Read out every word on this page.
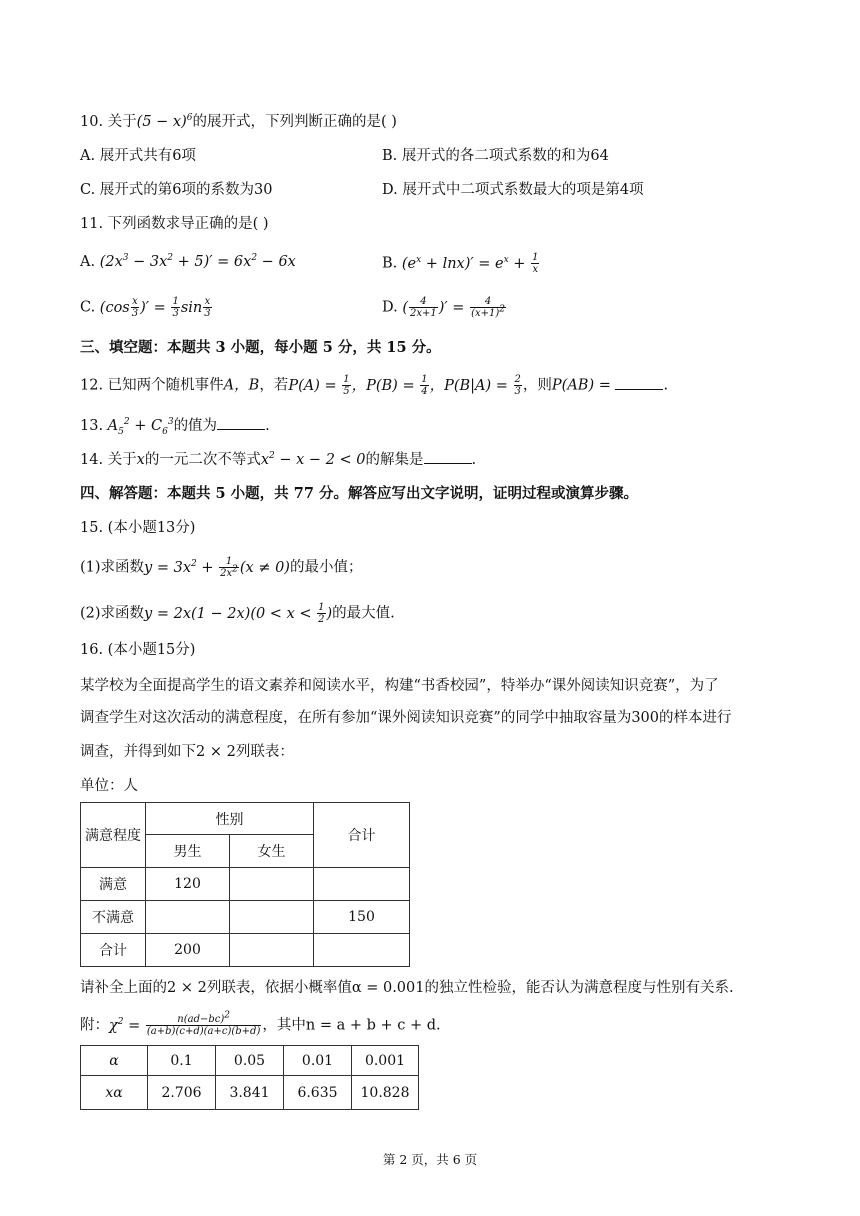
10. 关于$(5 - x)^6$的展开式，下列判断正确的是( )
A. 展开式共有6项	B. 展开式的各二项式系数的和为64
C. 展开式的第6项的系数为30	D. 展开式中二项式系数最大的项是第4项
11. 下列函数求导正确的是( )
A. $(2x^3 - 3x^2 + 5)' = 6x^2 - 6x$	B. $(e^x + \ln x)' = e^x + \frac{1}{x}$
C. ($\cos \frac{x}{3}$ )′ = $\frac{1}{3}$ $\sin \frac{x}{3}$	D. ( $\frac{4}{2x+1}$ )′ = $\frac{4}{(x+1)^2}$
三、填空题：本题共 3 小题，每小题 5 分，共 15 分。
12. 已知两个随机事件A，B，若$P(A) = \frac{1}{5}$ ，$P(B) = \frac{1}{4}$ ，$P(B|A) = \frac{2}{3}$ ，则P(AB) =	.
13. $A_5^2 + C_6^3$的值为	.
14. 关于x的一元二次不等式$x^2 - x - 2 < 0$的解集是	.
四、解答题：本题共 5 小题，共 77 分。解答应写出文字说明，证明过程或演算步骤。
15. (本小题13分)
(1)求函数$y = 3x^2 + \frac{1}{2x^2} (x \ne 0)$的最小值；
(2)求函数$y = 2x(1 - 2x)(0 < x < \frac{1}{2}$ )的最大值.
16. (本小题15分)
某学校为全面提高学生的语文素养和阅读水平，构建“书香校园”，特举办“课外阅读知识竞赛”，为了
调查学生对这次活动的满意程度，在所有参加“课外阅读知识竞赛”的同学中抽取容量为300的样本进行
调查，并得到如下2 × 2列联表：
单位：人
满意程度	性别		合计
	男生	女生	
满意	120		
不满意			150
合计	200		
请补全上面的2 × 2列联表，依据小概率值α = 0.001的独立性检验，能否认为满意程度与性别有关系.
附：$\chi^2 = \frac{n(ad-bc)^2}{(a+b)(c+d)(a+c)(b+d)}$ ，其中n = a + b + c + d.
α	0.1	0.05	0.01	0.001
xα	2.706	3.841	6.635	10.828
第 2 页，共 6 页
